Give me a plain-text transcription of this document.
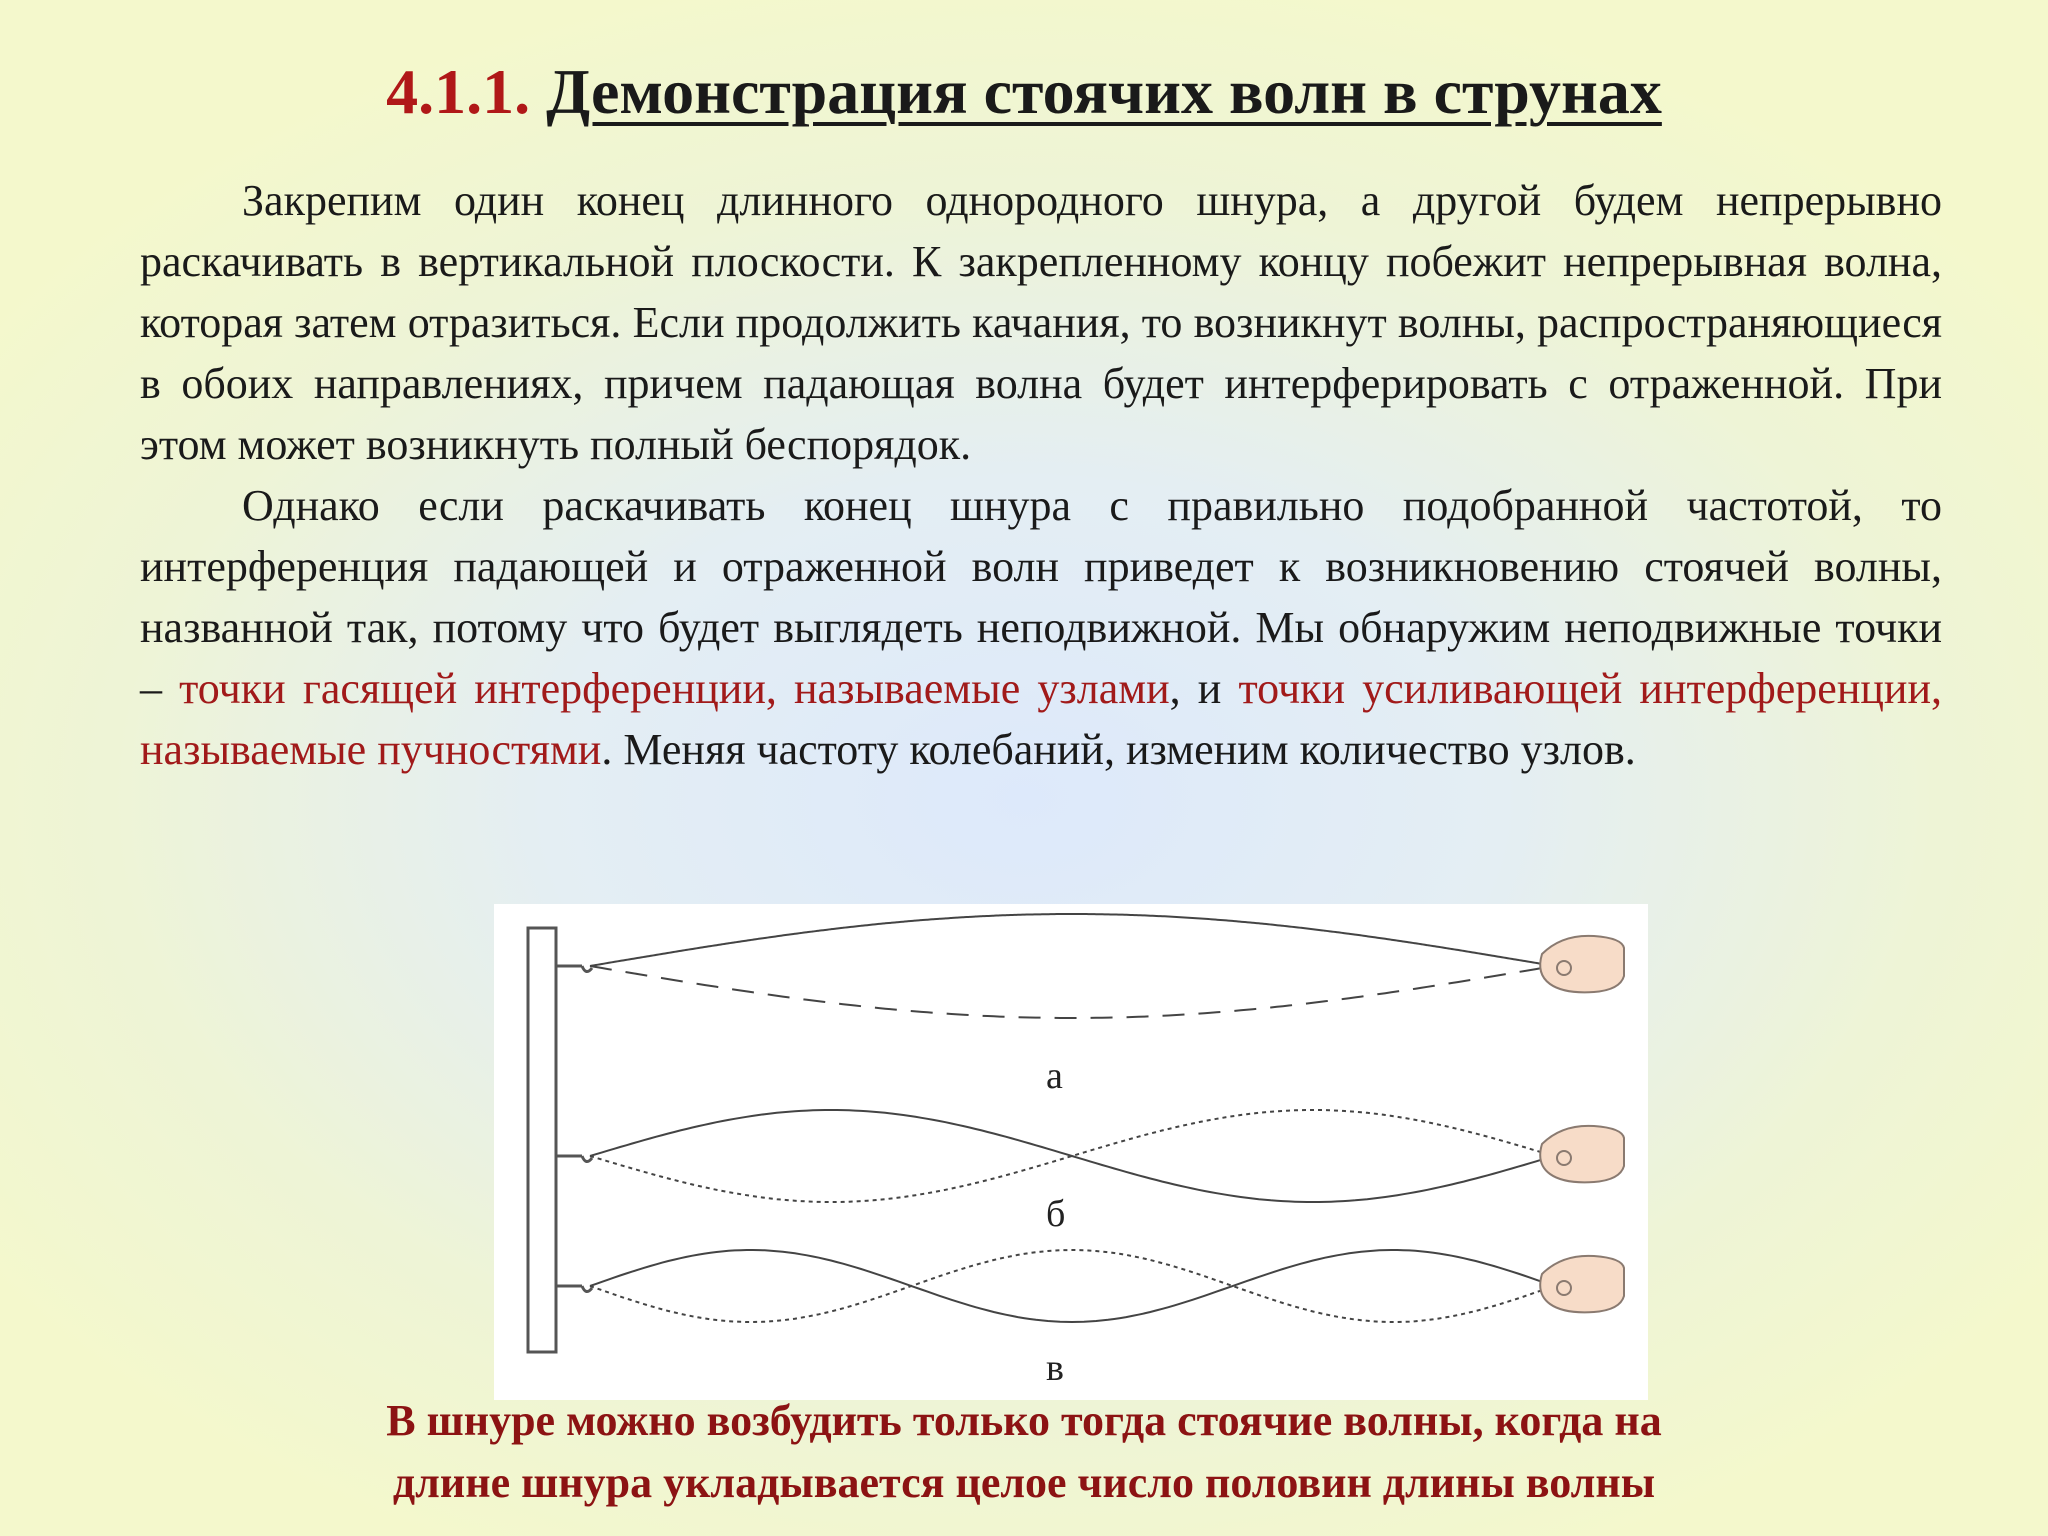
4.1.1. Демонстрация стоячих волн в струнах

Закрепим один конец длинного однородного шнура, а другой будем непрерывно раскачивать в вертикальной плоскости. К закрепленному концу побежит непрерывная волна, которая затем отразиться. Если продолжить качания, то возникнут волны, распространяющиеся в обоих направлениях, причем падающая волна будет интерферировать с отраженной. При этом может возникнуть полный беспорядок.

Однако если раскачивать конец шнура с правильно подобранной частотой, то интерференция падающей и отраженной волн приведет к возникновению стоячей волны, названной так, потому что будет выглядеть неподвижной. Мы обнаружим неподвижные точки – точки гасящей интерференции, называемые узлами, и точки усиливающей интерференции, называемые пучностями. Меняя частоту колебаний, изменим количество узлов.

а
б
в
В шнуре можно возбудить только тогда стоячие волны, когда на
длине шнура укладывается целое число половин длины волны
